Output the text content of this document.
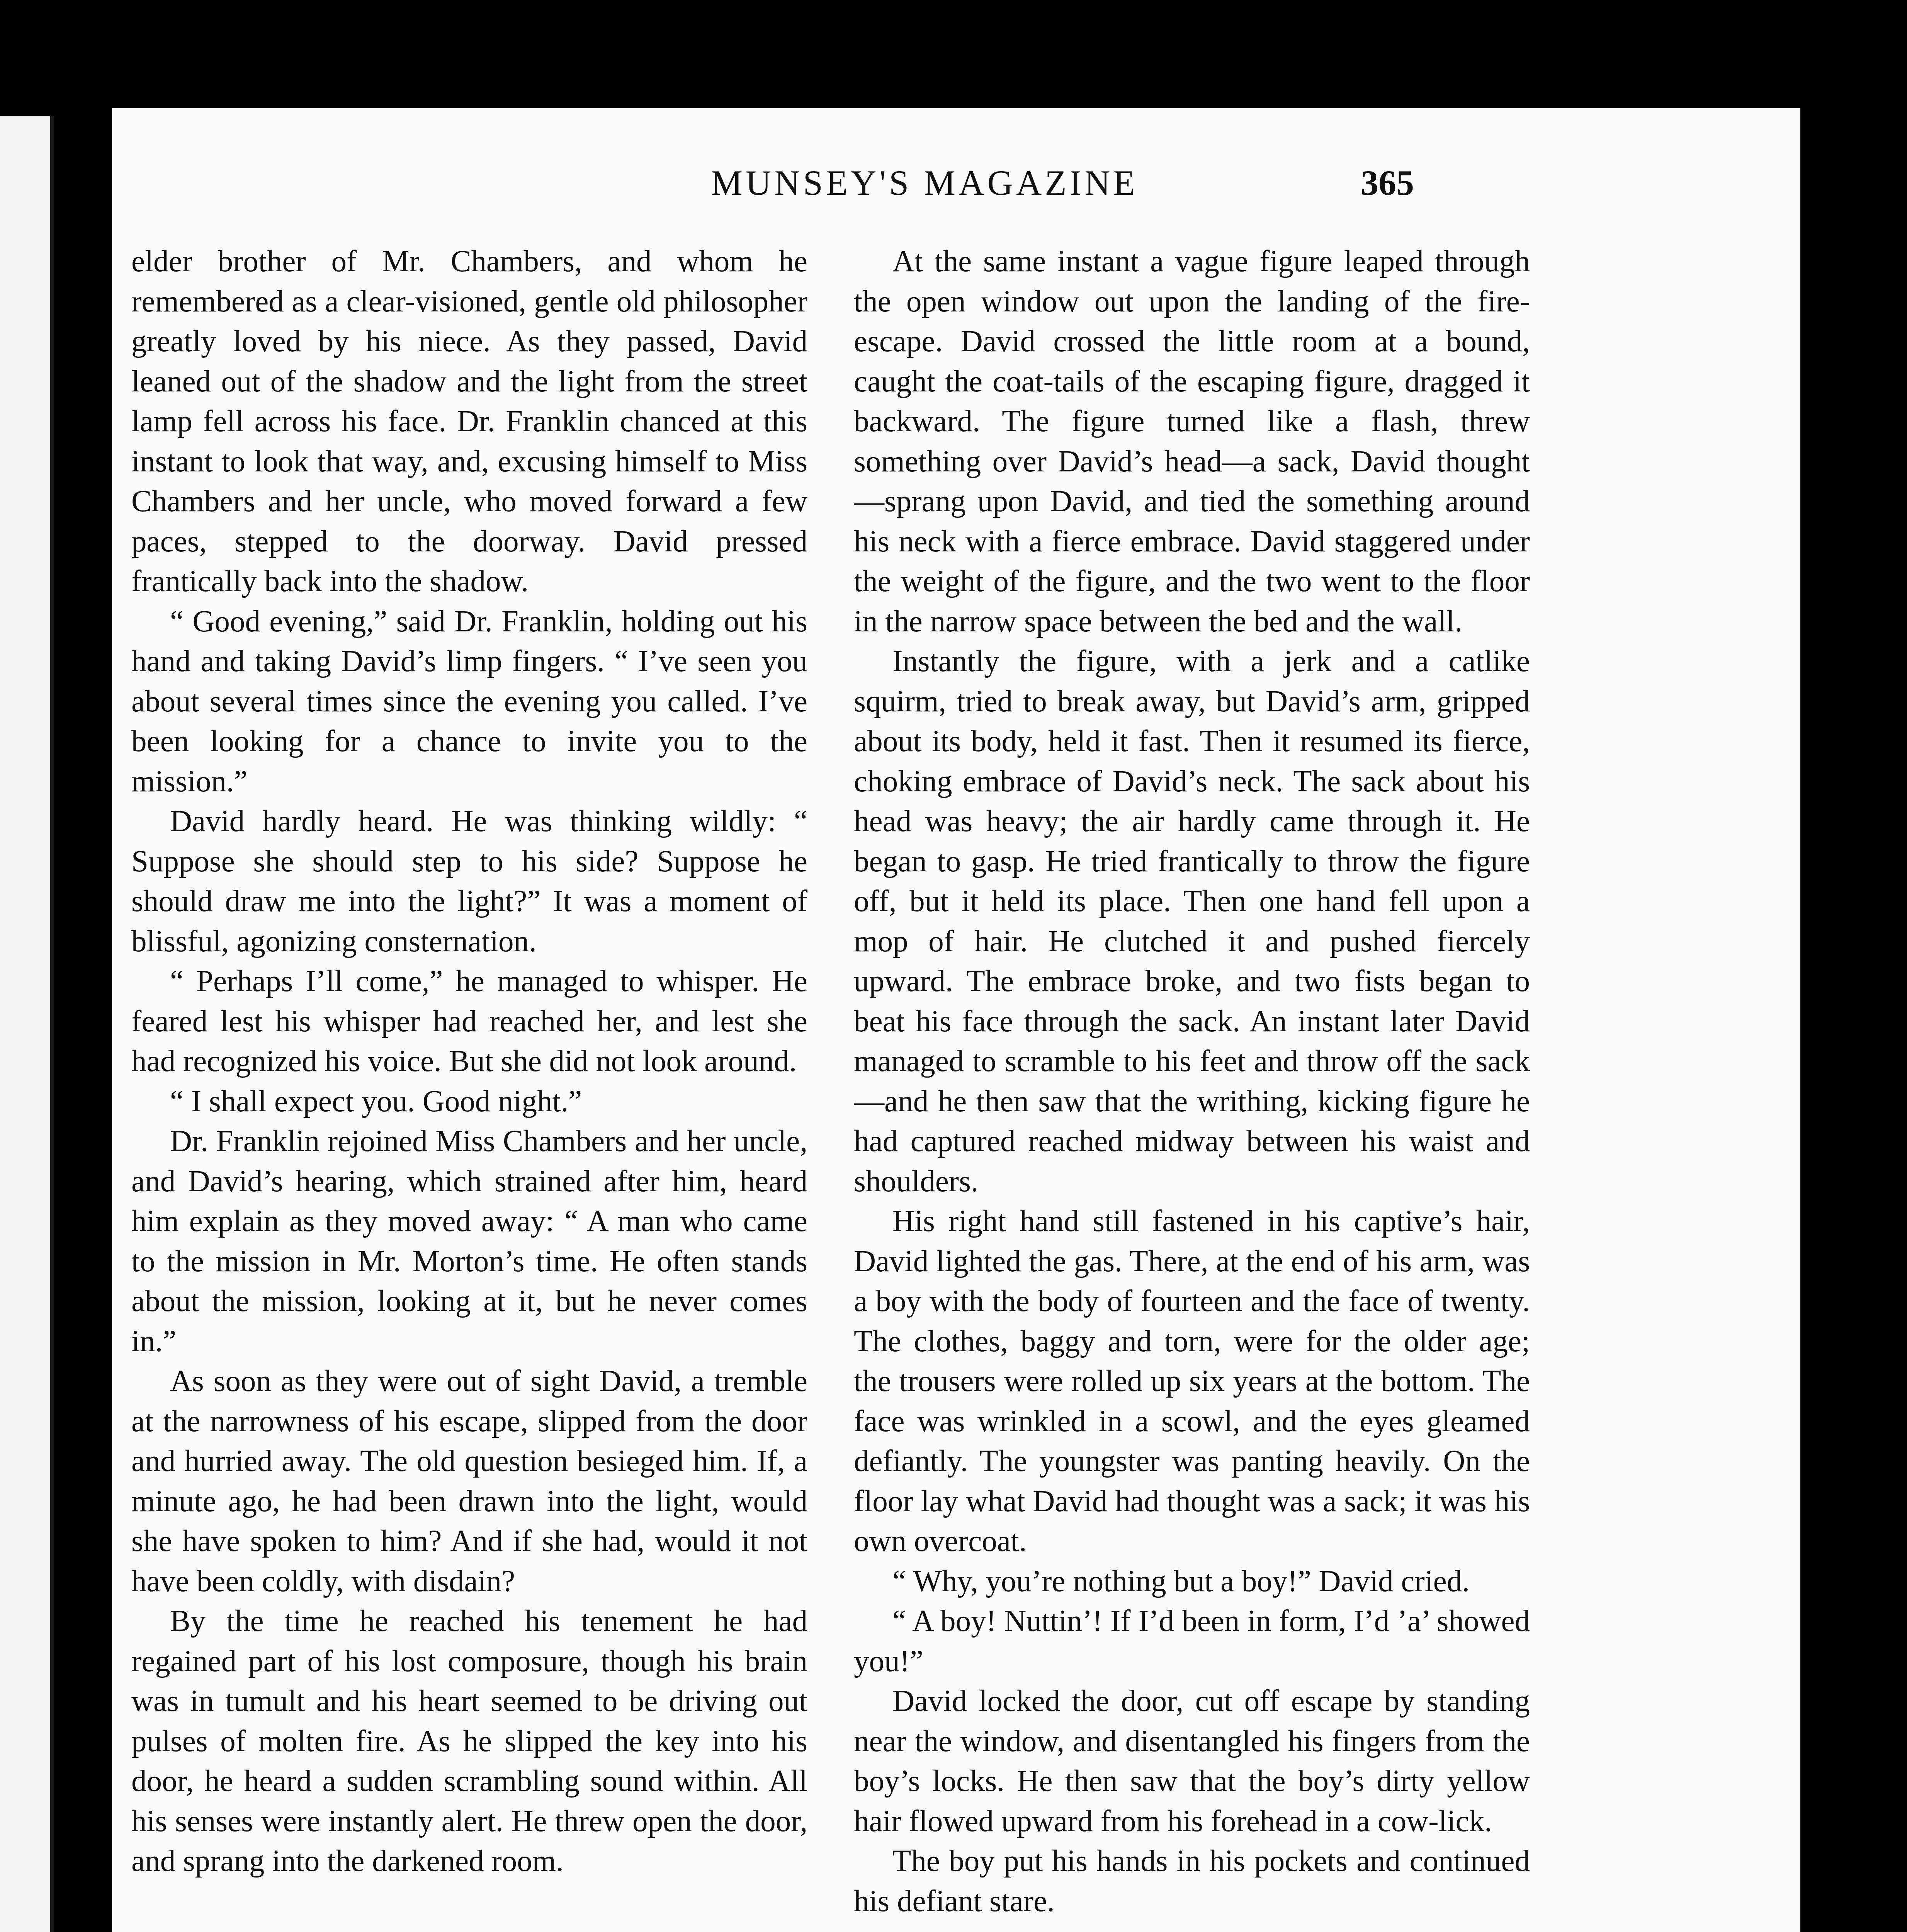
MUNSEY'S MAGAZINE	365

elder brother of Mr. Chambers, and whom he remembered as a clear-visioned, gentle old philosopher greatly loved by his niece. As they passed, David leaned out of the shadow and the light from the street lamp fell across his face. Dr. Franklin chanced at this instant to look that way, and, excusing himself to Miss Chambers and her uncle, who moved forward a few paces, stepped to the doorway. David pressed frantically back into the shadow.

“ Good evening,” said Dr. Franklin, holding out his hand and taking David’s limp fingers. “ I’ve seen you about several times since the evening you called. I’ve been looking for a chance to invite you to the mission.”

David hardly heard. He was thinking wildly: “ Suppose she should step to his side? Suppose he should draw me into the light?” It was a moment of blissful, agonizing consternation.

“ Perhaps I’ll come,” he managed to whisper. He feared lest his whisper had reached her, and lest she had recognized his voice. But she did not look around.

“ I shall expect you. Good night.”

Dr. Franklin rejoined Miss Chambers and her uncle, and David’s hearing, which strained after him, heard him explain as they moved away: “ A man who came to the mission in Mr. Morton’s time. He often stands about the mission, looking at it, but he never comes in.”

As soon as they were out of sight David, a tremble at the narrowness of his escape, slipped from the door and hurried away. The old question besieged him. If, a minute ago, he had been drawn into the light, would she have spoken to him? And if she had, would it not have been coldly, with disdain?

By the time he reached his tenement he had regained part of his lost composure, though his brain was in tumult and his heart seemed to be driving out pulses of molten fire. As he slipped the key into his door, he heard a sudden scrambling sound within. All his senses were instantly alert. He threw open the door, and sprang into the darkened room.

At the same instant a vague figure leaped through the open window out upon the landing of the fire-escape. David crossed the little room at a bound, caught the coat-tails of the escaping figure, dragged it backward. The figure turned like a flash, threw something over David’s head—a sack, David thought—sprang upon David, and tied the something around his neck with a fierce embrace. David staggered under the weight of the figure, and the two went to the floor in the narrow space between the bed and the wall.

Instantly the figure, with a jerk and a catlike squirm, tried to break away, but David’s arm, gripped about its body, held it fast. Then it resumed its fierce, choking embrace of David’s neck. The sack about his head was heavy; the air hardly came through it. He began to gasp. He tried frantically to throw the figure off, but it held its place. Then one hand fell upon a mop of hair. He clutched it and pushed fiercely upward. The embrace broke, and two fists began to beat his face through the sack. An instant later David managed to scramble to his feet and throw off the sack—and he then saw that the writhing, kicking figure he had captured reached midway between his waist and shoulders.

His right hand still fastened in his captive’s hair, David lighted the gas. There, at the end of his arm, was a boy with the body of fourteen and the face of twenty. The clothes, baggy and torn, were for the older age; the trousers were rolled up six years at the bottom. The face was wrinkled in a scowl, and the eyes gleamed defiantly. The youngster was panting heavily. On the floor lay what David had thought was a sack; it was his own overcoat.

“ Why, you’re nothing but a boy!” David cried.

“ A boy! Nuttin’! If I’d been in form, I’d ’a’ showed you!”

David locked the door, cut off escape by standing near the window, and disentangled his fingers from the boy’s locks. He then saw that the boy’s dirty yellow hair flowed upward from his forehead in a cow-lick.

The boy put his hands in his pockets and continued his defiant stare.
